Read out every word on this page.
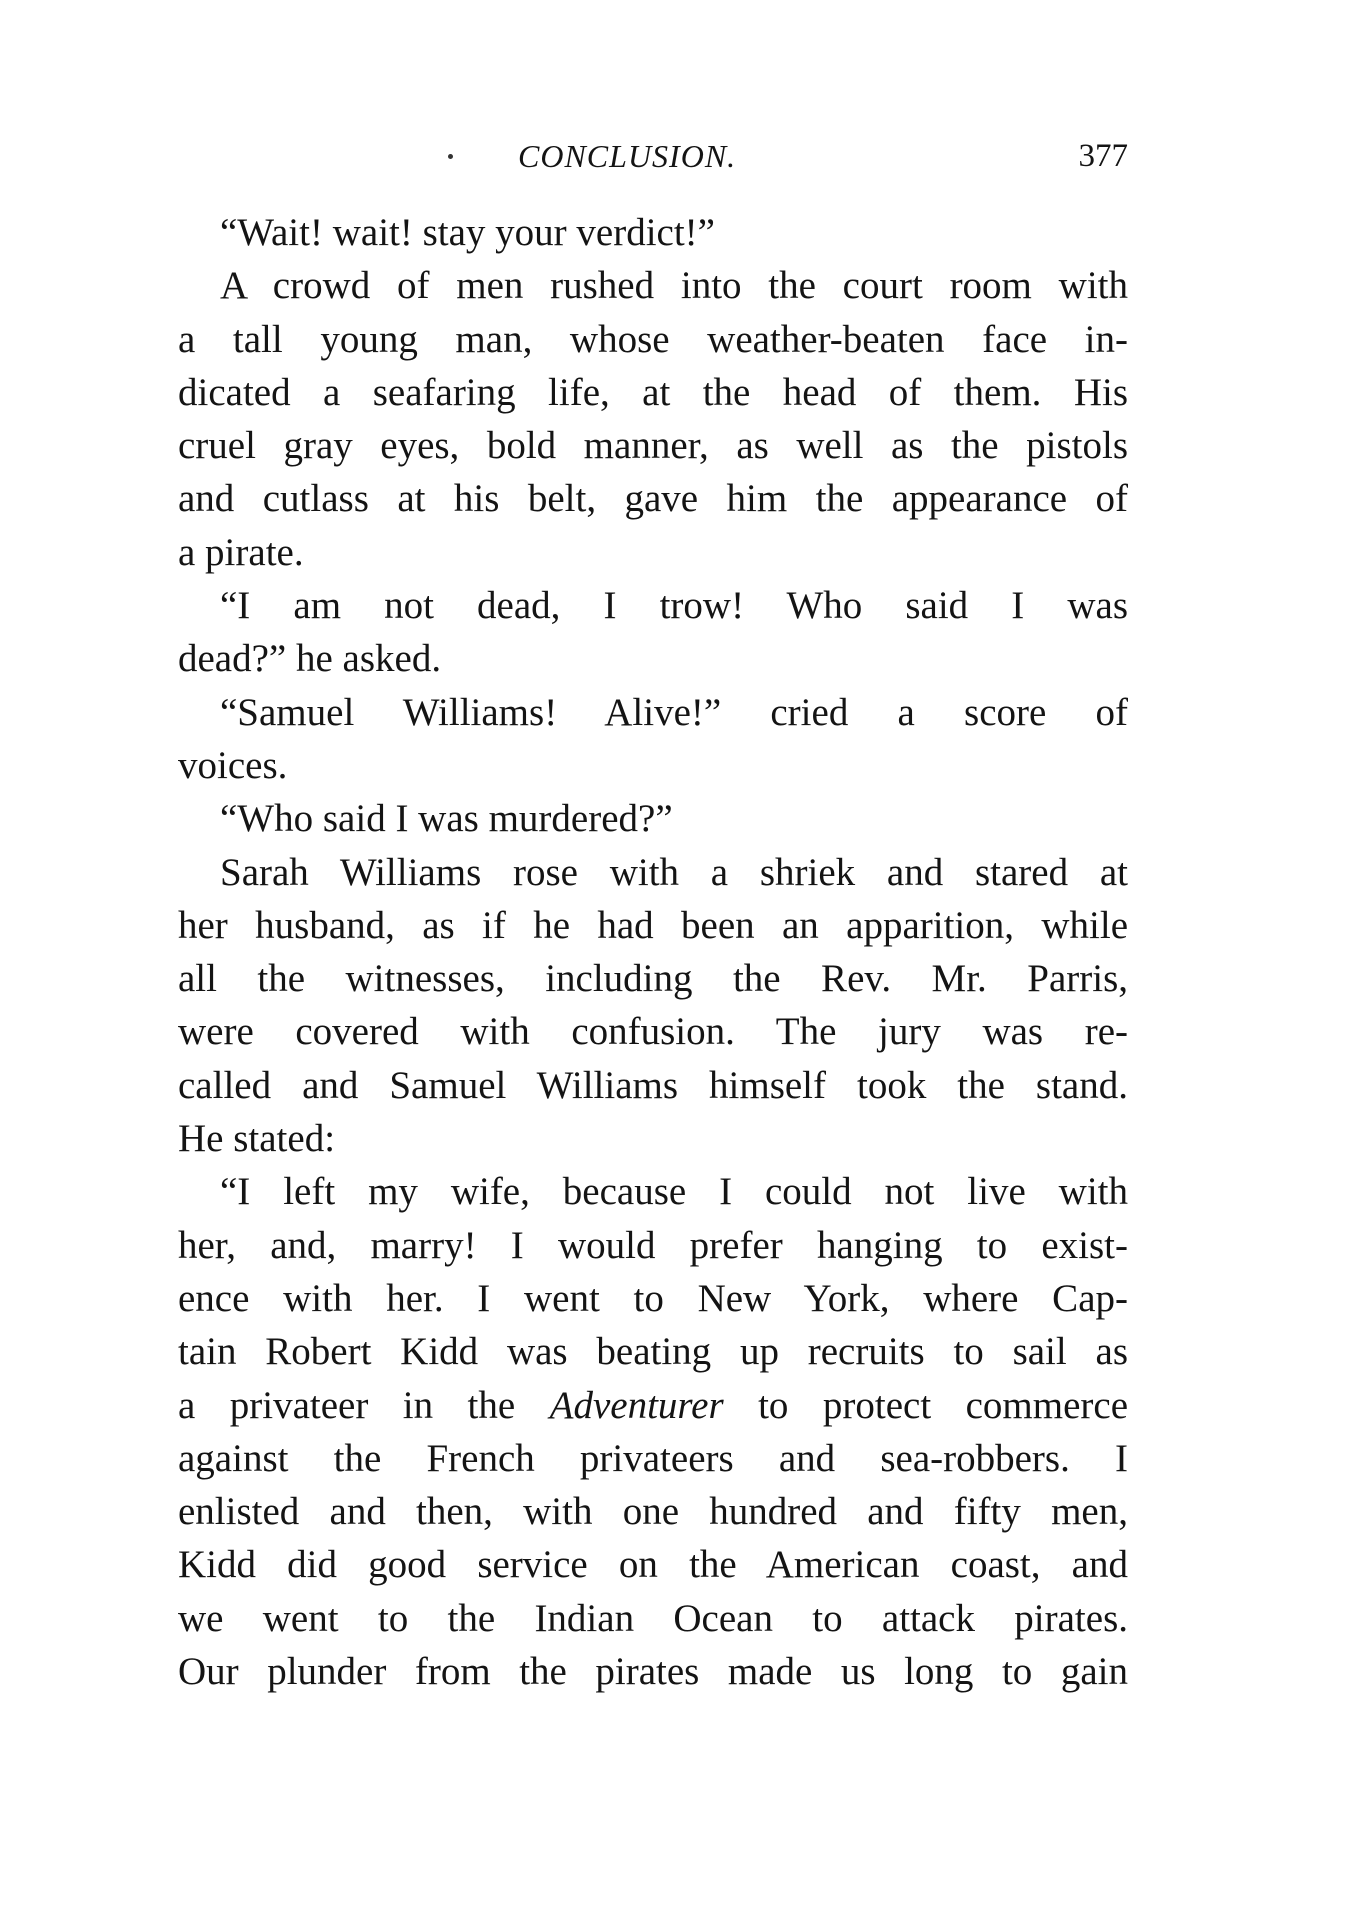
CONCLUSION.	377
“Wait! wait! stay your verdict!”
A crowd of men rushed into the court room with
a tall young man, whose weather-beaten face in-
dicated a seafaring life, at the head of them. His
cruel gray eyes, bold manner, as well as the pistols
and cutlass at his belt, gave him the appearance of
a pirate.
“I am not dead, I trow! Who said I was
dead?” he asked.
“Samuel Williams! Alive!” cried a score of
voices.
“Who said I was murdered?”
Sarah Williams rose with a shriek and stared at
her husband, as if he had been an apparition, while
all the witnesses, including the Rev. Mr. Parris,
were covered with confusion. The jury was re-
called and Samuel Williams himself took the stand.
He stated:
“I left my wife, because I could not live with
her, and, marry! I would prefer hanging to exist-
ence with her. I went to New York, where Cap-
tain Robert Kidd was beating up recruits to sail as
a privateer in the Adventurer to protect commerce
against the French privateers and sea-robbers. I
enlisted and then, with one hundred and fifty men,
Kidd did good service on the American coast, and
we went to the Indian Ocean to attack pirates.
Our plunder from the pirates made us long to gain
